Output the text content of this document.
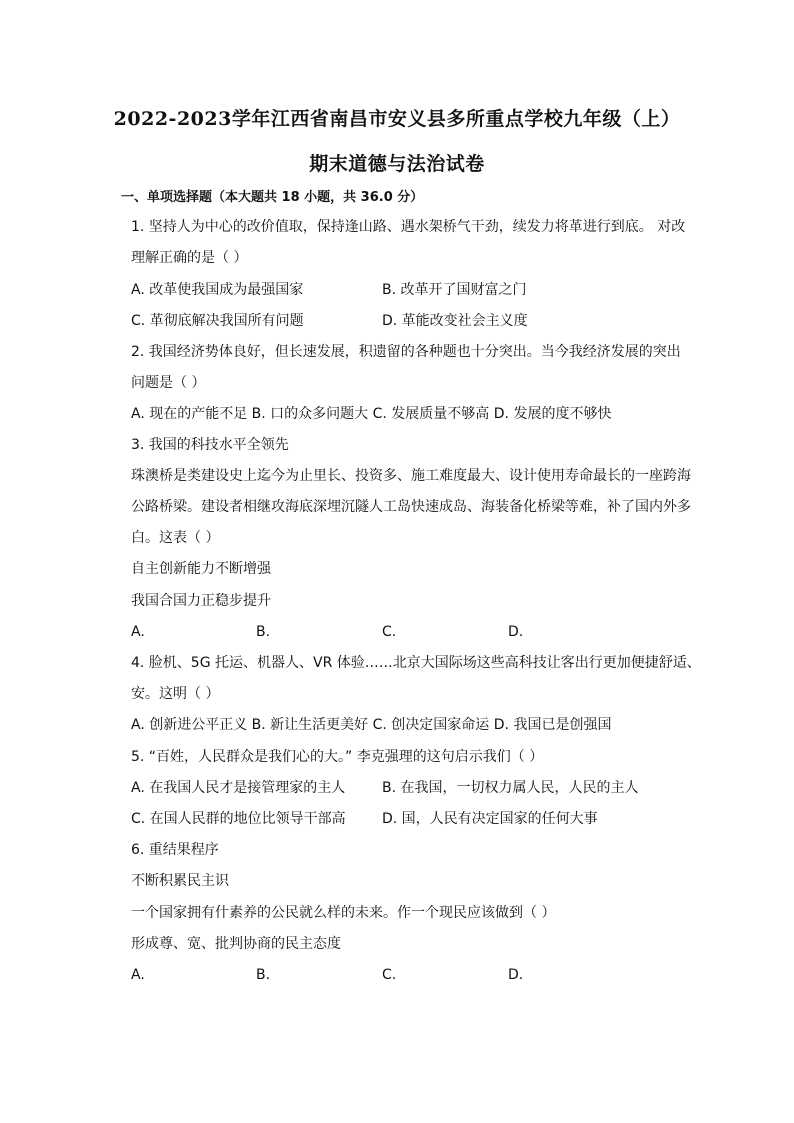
2022-2023学年江西省南昌市安义县多所重点学校九年级（上）
期末道德与法治试卷
一、单项选择题（本大题共 18 小题，共 36.0 分）
1. 坚持人为中心的改价值取，保持逢山路、遇水架桥气干劲，续发力将革进行到底。 对改
理解正确的是（ ）
A. 改革使我国成为最强国家	B. 改革开了国财富之门
C. 革彻底解决我国所有问题	D. 革能改变社会主义度
2. 我国经济势体良好，但长速发展，积遗留的各种题也十分突出。当今我经济发展的突出
问题是（ ）
A. 现在的产能不足 B. 口的众多问题大 C. 发展质量不够高 D. 发展的度不够快
3. 我国的科技水平全领先
珠澳桥是类建设史上迄今为止里长、投资多、施工难度最大、设计使用寿命最长的一座跨海
公路桥梁。建设者相继攻海底深埋沉隧人工岛快速成岛、海装备化桥梁等难，补了国内外多
白。这表（ ）
自主创新能力不断增强
我国合国力正稳步提升
A.	B.	C.	D.
4. 脸机、5G 托运、机器人、VR 体验……北京大国际场这些高科技让客出行更加便捷舒适、
安。这明（ ）
A. 创新进公平正义 B. 新让生活更美好 C. 创决定国家命运 D. 我国已是创强国
5. “百姓，人民群众是我们心的大。” 李克强理的这句启示我们（ ）
A. 在我国人民才是接管理家的主人	B. 在我国，一切权力属人民，人民的主人
C. 在国人民群的地位比领导干部高	D. 国，人民有决定国家的任何大事
6. 重结果程序
不断积累民主识
一个国家拥有什素养的公民就么样的未来。作一个现民应该做到（ ）
形成尊、宽、批判协商的民主态度
A.	B.	C.	D.
